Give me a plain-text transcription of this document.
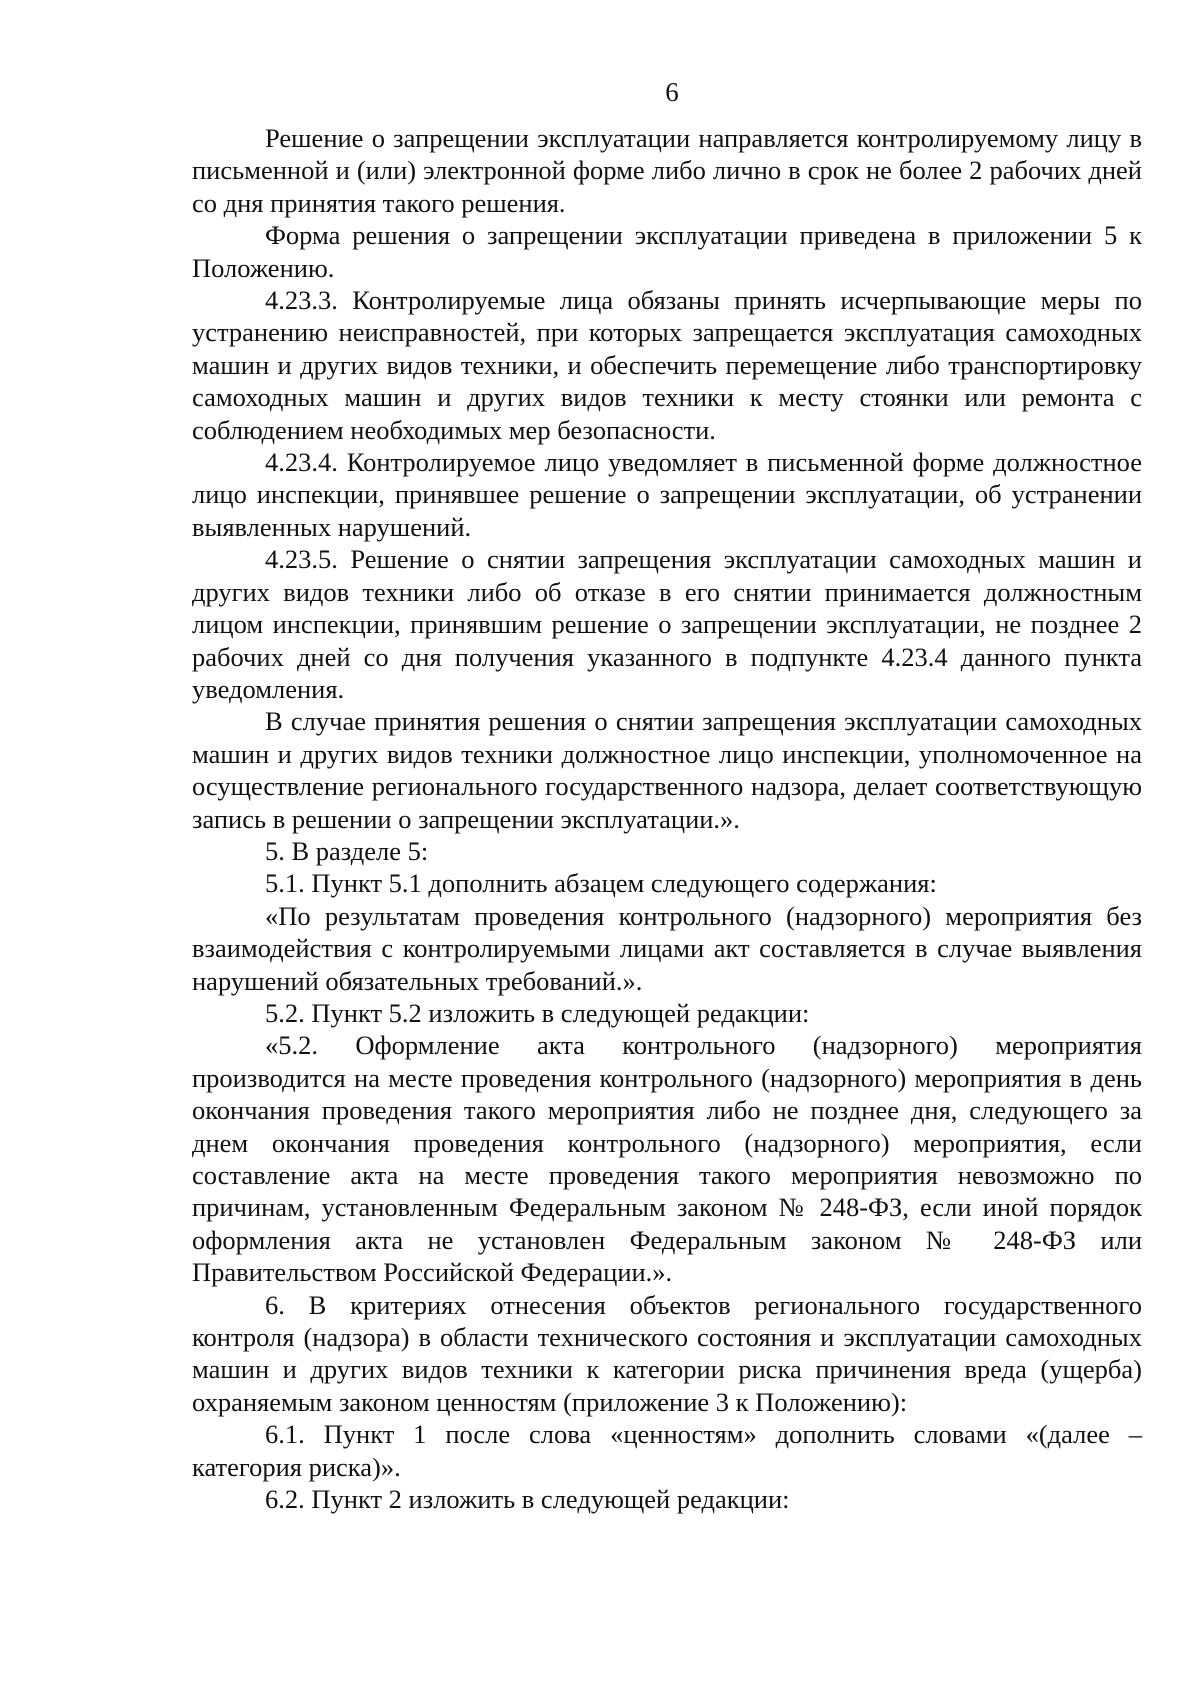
6

Решение о запрещении эксплуатации направляется контролируемому лицу в письменной и (или) электронной форме либо лично в срок не более 2 рабочих дней со дня принятия такого решения.

Форма решения о запрещении эксплуатации приведена в приложении 5 к Положению.

4.23.3. Контролируемые лица обязаны принять исчерпывающие меры по устранению неисправностей, при которых запрещается эксплуатация самоходных машин и других видов техники, и обеспечить перемещение либо транспортировку самоходных машин и других видов техники к месту стоянки или ремонта с соблюдением необходимых мер безопасности.

4.23.4. Контролируемое лицо уведомляет в письменной форме должностное лицо инспекции, принявшее решение о запрещении эксплуатации, об устранении выявленных нарушений.

4.23.5. Решение о снятии запрещения эксплуатации самоходных машин и других видов техники либо об отказе в его снятии принимается должностным лицом инспекции, принявшим решение о запрещении эксплуатации, не позднее 2 рабочих дней со дня получения указанного в подпункте 4.23.4 данного пункта уведомления.

В случае принятия решения о снятии запрещения эксплуатации самоходных машин и других видов техники должностное лицо инспекции, уполномоченное на осуществление регионального государственного надзора, делает соответствующую запись в решении о запрещении эксплуатации.».

5. В разделе 5:

5.1. Пункт 5.1 дополнить абзацем следующего содержания:

«По результатам проведения контрольного (надзорного) мероприятия без взаимодействия с контролируемыми лицами акт составляется в случае выявления нарушений обязательных требований.».

5.2. Пункт 5.2 изложить в следующей редакции:

«5.2. Оформление акта контрольного (надзорного) мероприятия производится на месте проведения контрольного (надзорного) мероприятия в день окончания проведения такого мероприятия либо не позднее дня, следующего за днем окончания проведения контрольного (надзорного) мероприятия, если составление акта на месте проведения такого мероприятия невозможно по причинам, установленным Федеральным законом № 248-ФЗ, если иной порядок оформления акта не установлен Федеральным законом № 248-ФЗ или Правительством Российской Федерации.».

6. В критериях отнесения объектов регионального государственного контроля (надзора) в области технического состояния и эксплуатации самоходных машин и других видов техники к категории риска причинения вреда (ущерба) охраняемым законом ценностям (приложение 3 к Положению):

6.1. Пункт 1 после слова «ценностям» дополнить словами «(далее – категория риска)».

6.2. Пункт 2 изложить в следующей редакции:
